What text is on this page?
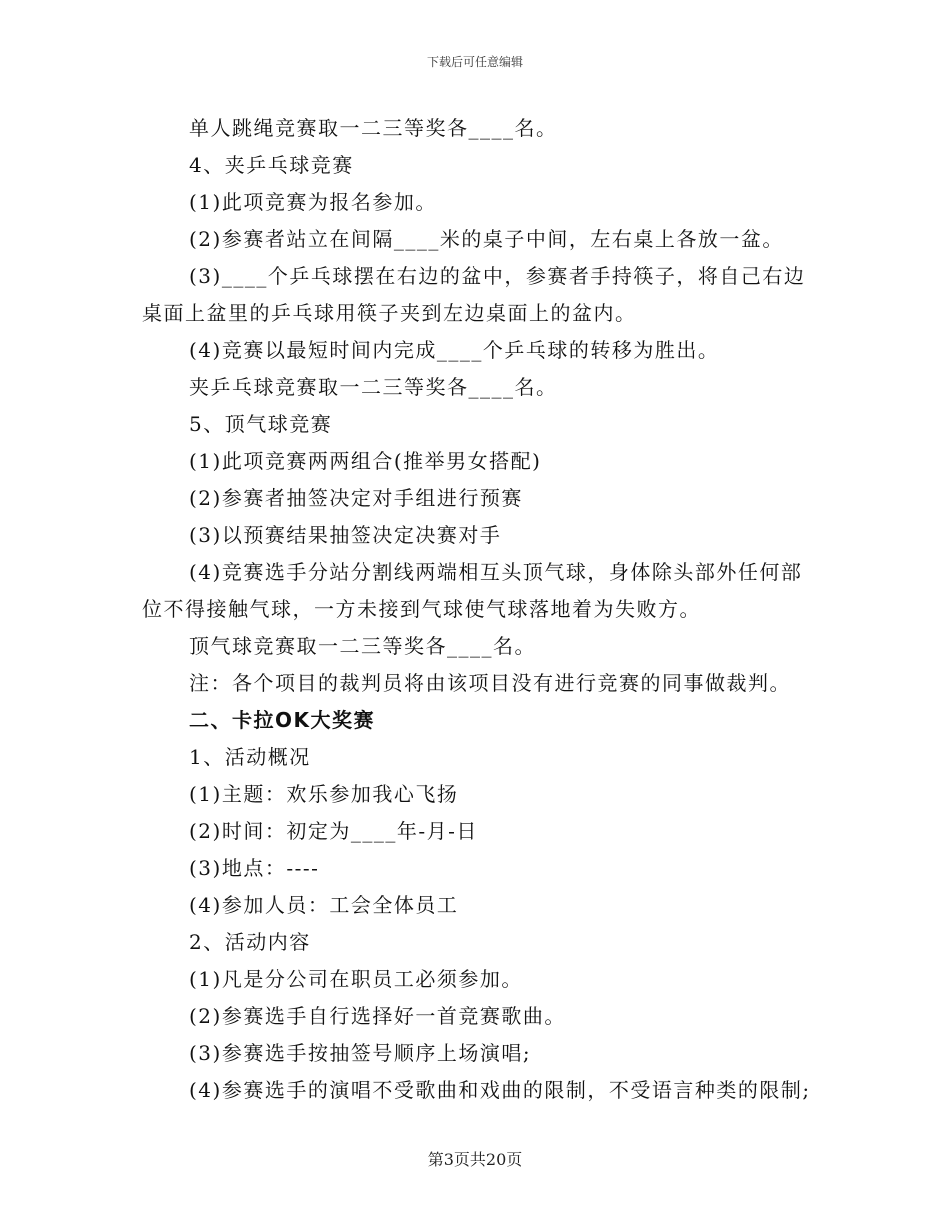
下载后可任意编辑
单人跳绳竞赛取一二三等奖各____名。
4、夹乒乓球竞赛
(1)此项竞赛为报名参加。
(2)参赛者站立在间隔____米的桌子中间，左右桌上各放一盆。
(3)____个乒乓球摆在右边的盆中，参赛者手持筷子，将自己右边
桌面上盆里的乒乓球用筷子夹到左边桌面上的盆内。
(4)竞赛以最短时间内完成____个乒乓球的转移为胜出。
夹乒乓球竞赛取一二三等奖各____名。
5、顶气球竞赛
(1)此项竞赛两两组合(推举男女搭配)
(2)参赛者抽签决定对手组进行预赛
(3)以预赛结果抽签决定决赛对手
(4)竞赛选手分站分割线两端相互头顶气球，身体除头部外任何部
位不得接触气球，一方未接到气球使气球落地着为失败方。
顶气球竞赛取一二三等奖各____名。
注：各个项目的裁判员将由该项目没有进行竞赛的同事做裁判。
二、卡拉OK大奖赛
1、活动概况
(1)主题：欢乐参加我心飞扬
(2)时间：初定为____年-月-日
(3)地点：----
(4)参加人员：工会全体员工
2、活动内容
(1)凡是分公司在职员工必须参加。
(2)参赛选手自行选择好一首竞赛歌曲。
(3)参赛选手按抽签号顺序上场演唱;
(4)参赛选手的演唱不受歌曲和戏曲的限制，不受语言种类的限制;
第3页共20页
